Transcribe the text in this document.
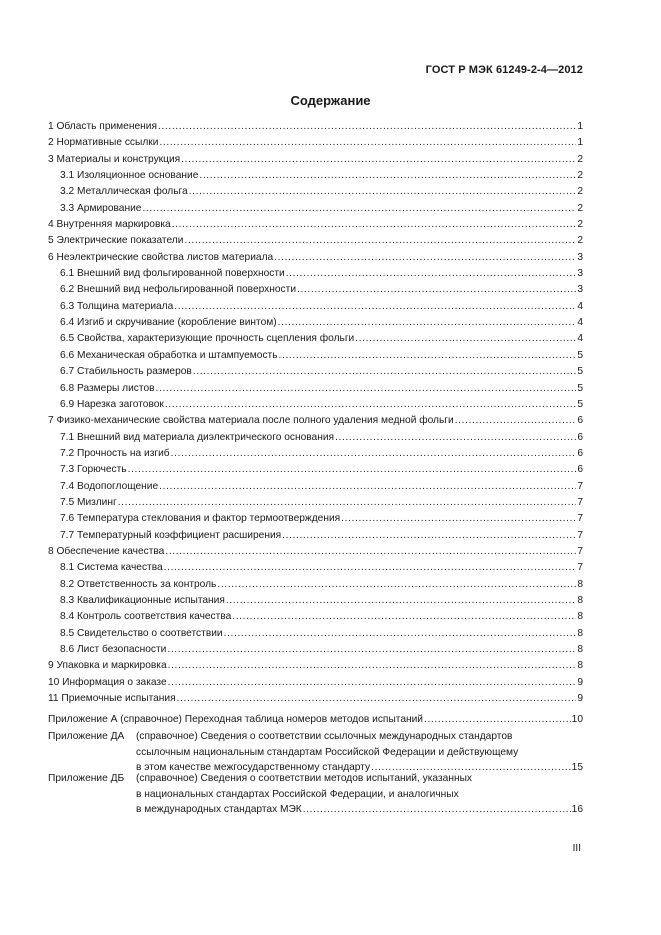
ГОСТ Р МЭК 61249-2-4—2012
Содержание
1 Область применения . . .	1
2 Нормативные ссылки . . .	1
3 Материалы и конструкция . . .	2
3.1 Изоляционное основание . . .	2
3.2 Металлическая фольга . . .	2
3.3 Армирование . . .	2
4 Внутренняя маркировка . . .	2
5 Электрические показатели . . .	2
6 Неэлектрические свойства листов материала . . .	3
6.1 Внешний вид фольгированной поверхности . . .	3
6.2 Внешний вид нефольгированной поверхности . . .	3
6.3 Толщина материала . . .	4
6.4 Изгиб и скручивание (коробление винтом) . . .	4
6.5 Свойства, характеризующие прочность сцепления фольги . . .	4
6.6 Механическая обработка и штампуемость . . .	5
6.7 Стабильность размеров . . .	5
6.8 Размеры листов . . .	5
6.9 Нарезка заготовок . . .	5
7 Физико-механические свойства материала после полного удаления медной фольги . . .	6
7.1 Внешний вид материала диэлектрического основания . . .	6
7.2 Прочность на изгиб . . .	6
7.3 Горючесть . . .	6
7.4 Водопоглощение . . .	7
7.5 Мизлинг . . .	7
7.6 Температура стеклования и фактор термоотверждения . . .	7
7.7 Температурный коэффициент расширения . . .	7
8 Обеспечение качества . . .	7
8.1 Система качества . . .	7
8.2 Ответственность за контроль . . .	8
8.3 Квалификационные испытания . . .	8
8.4 Контроль соответствия качества . . .	8
8.5 Свидетельство о соответствии . . .	8
8.6 Лист безопасности . . .	8
9 Упаковка и маркировка . . .	8
10 Информация о заказе . . .	9
11 Приемочные испытания . . .	9
Приложение А (справочное) Переходная таблица номеров методов испытаний . . .	10
Приложение ДА (справочное) Сведения о соответствии ссылочных международных стандартов
ссылочным национальным стандартам Российской Федерации и действующему
в этом качестве межгосударственному стандарту . . .	15
Приложение ДБ (справочное) Сведения о соответствии методов испытаний, указанных
в национальных стандартах Российской Федерации, и аналогичных
в международных стандартах МЭК . . .	16
III
